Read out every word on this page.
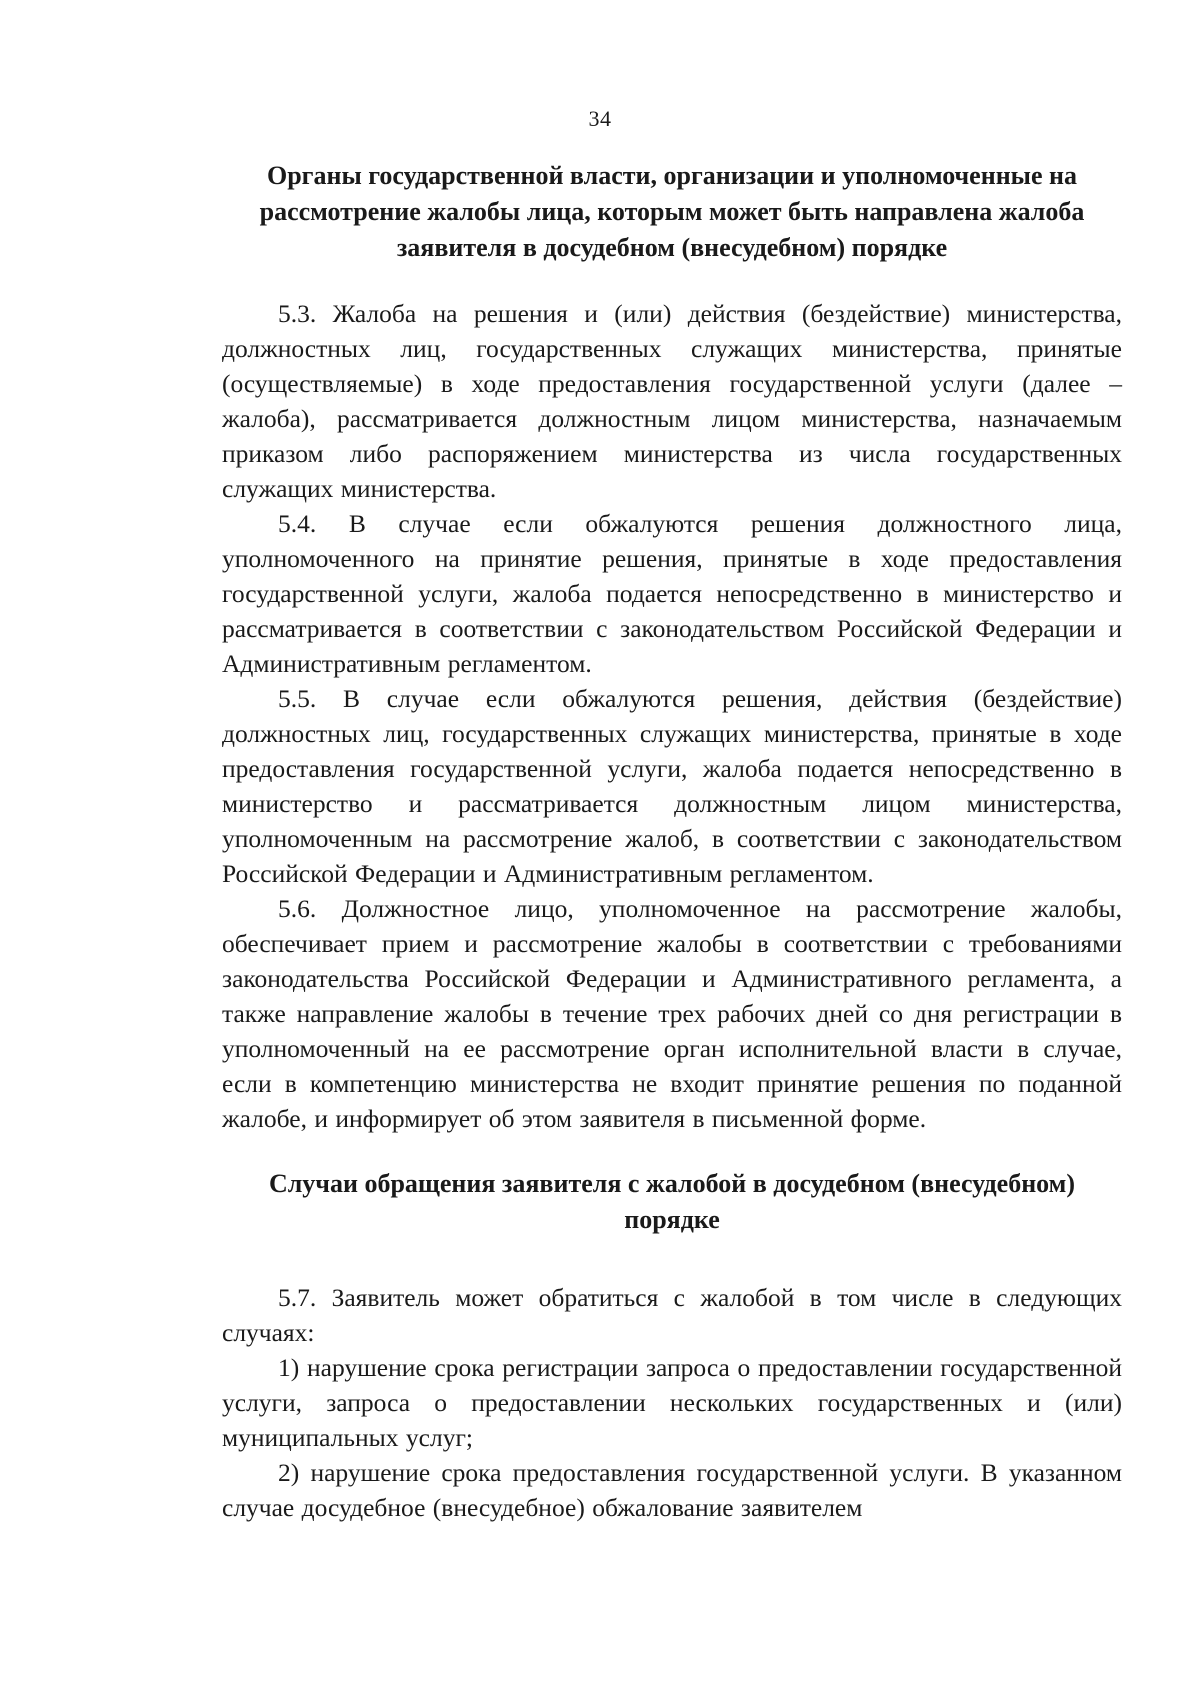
34
Органы государственной власти, организации и уполномоченные на рассмотрение жалобы лица, которым может быть направлена жалоба заявителя в досудебном (внесудебном) порядке

5.3. Жалоба на решения и (или) действия (бездействие) министерства, должностных лиц, государственных служащих министерства, принятые (осуществляемые) в ходе предоставления государственной услуги (далее – жалоба), рассматривается должностным лицом министерства, назначаемым приказом либо распоряжением министерства из числа государственных служащих министерства.

5.4. В случае если обжалуются решения должностного лица, уполномоченного на принятие решения, принятые в ходе предоставления государственной услуги, жалоба подается непосредственно в министерство и рассматривается в соответствии с законодательством Российской Федерации и Административным регламентом.

5.5. В случае если обжалуются решения, действия (бездействие) должностных лиц, государственных служащих министерства, принятые в ходе предоставления государственной услуги, жалоба подается непосредственно в министерство и рассматривается должностным лицом министерства, уполномоченным на рассмотрение жалоб, в соответствии с законодательством Российской Федерации и Административным регламентом.

5.6. Должностное лицо, уполномоченное на рассмотрение жалобы, обеспечивает прием и рассмотрение жалобы в соответствии с требованиями законодательства Российской Федерации и Административного регламента, а также направление жалобы в течение трех рабочих дней со дня регистрации в уполномоченный на ее рассмотрение орган исполнительной власти в случае, если в компетенцию министерства не входит принятие решения по поданной жалобе, и информирует об этом заявителя в письменной форме.

Случаи обращения заявителя с жалобой в досудебном (внесудебном) порядке

5.7. Заявитель может обратиться с жалобой в том числе в следующих случаях:

1) нарушение срока регистрации запроса о предоставлении государственной услуги, запроса о предоставлении нескольких государственных и (или) муниципальных услуг;

2) нарушение срока предоставления государственной услуги. В указанном случае досудебное (внесудебное) обжалование заявителем
